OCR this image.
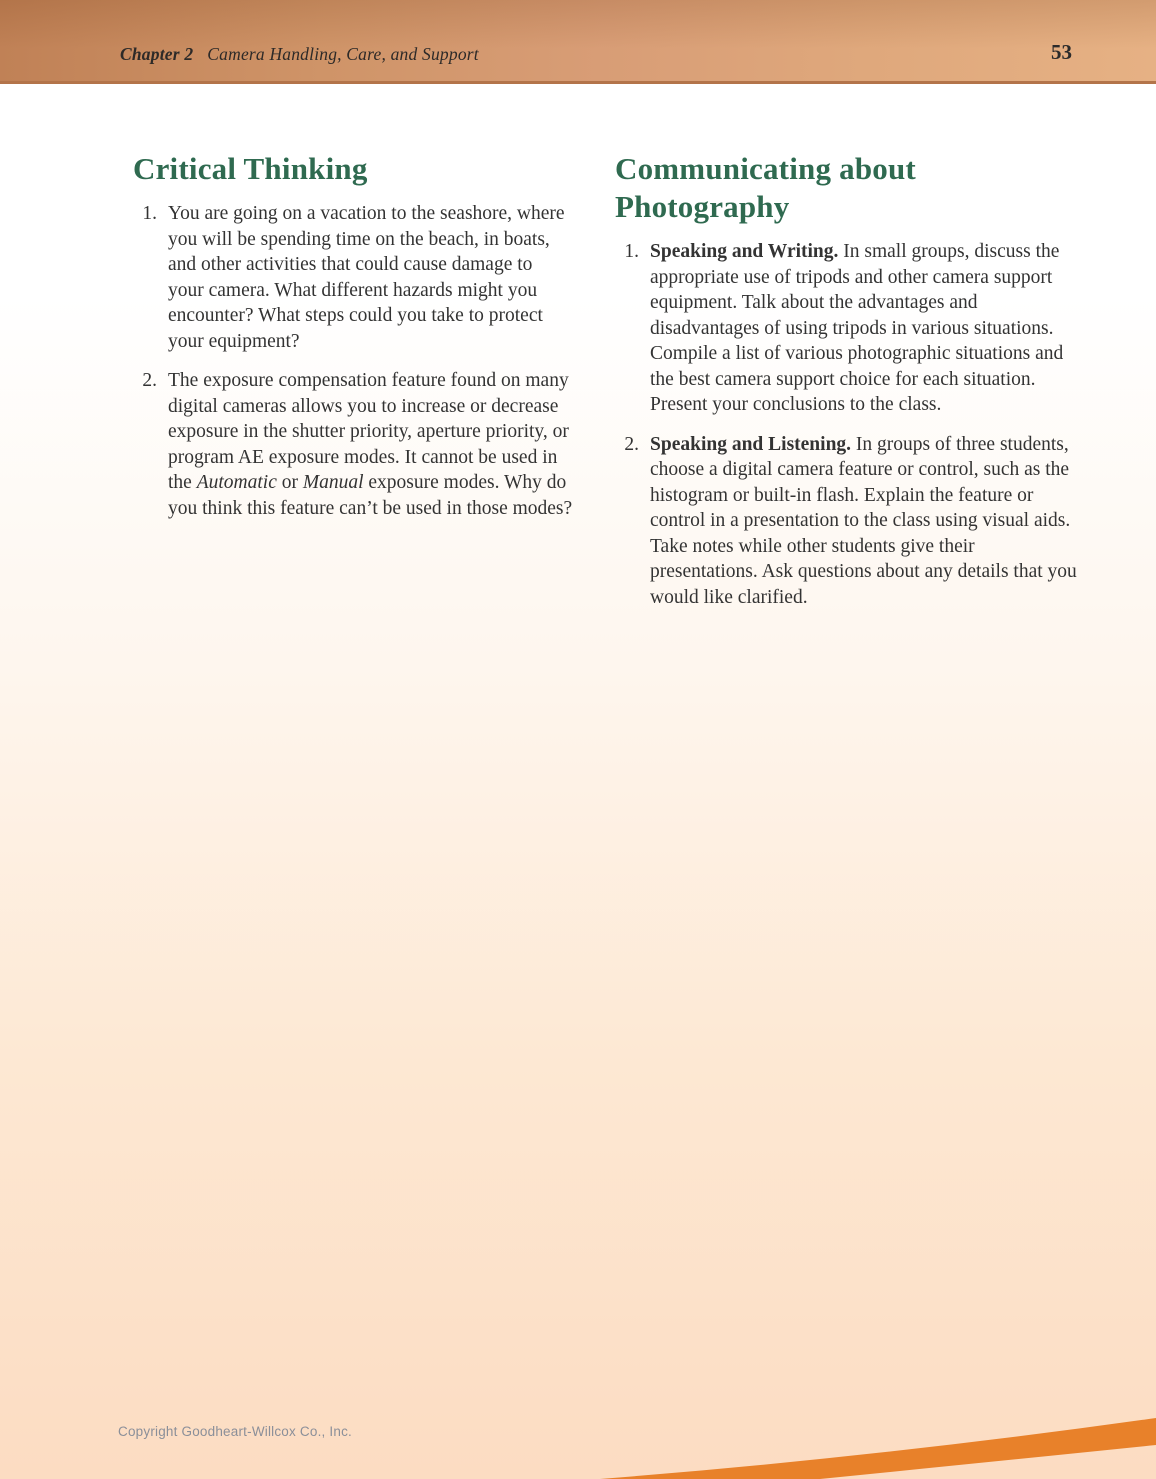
Chapter 2 Camera Handling, Care, and Support	53
Critical Thinking
1. You are going on a vacation to the seashore, where you will be spending time on the beach, in boats, and other activities that could cause damage to your camera. What different hazards might you encounter? What steps could you take to protect your equipment?
2. The exposure compensation feature found on many digital cameras allows you to increase or decrease exposure in the shutter priority, aperture priority, or program AE exposure modes. It cannot be used in the Automatic or Manual exposure modes. Why do you think this feature can’t be used in those modes?
Communicating about Photography
1. Speaking and Writing. In small groups, discuss the appropriate use of tripods and other camera support equipment. Talk about the advantages and disadvantages of using tripods in various situations. Compile a list of various photographic situations and the best camera support choice for each situation. Present your conclusions to the class.
2. Speaking and Listening. In groups of three students, choose a digital camera feature or control, such as the histogram or built-in flash. Explain the feature or control in a presentation to the class using visual aids. Take notes while other students give their presentations. Ask questions about any details that you would like clarified.
Copyright Goodheart-Willcox Co., Inc.
